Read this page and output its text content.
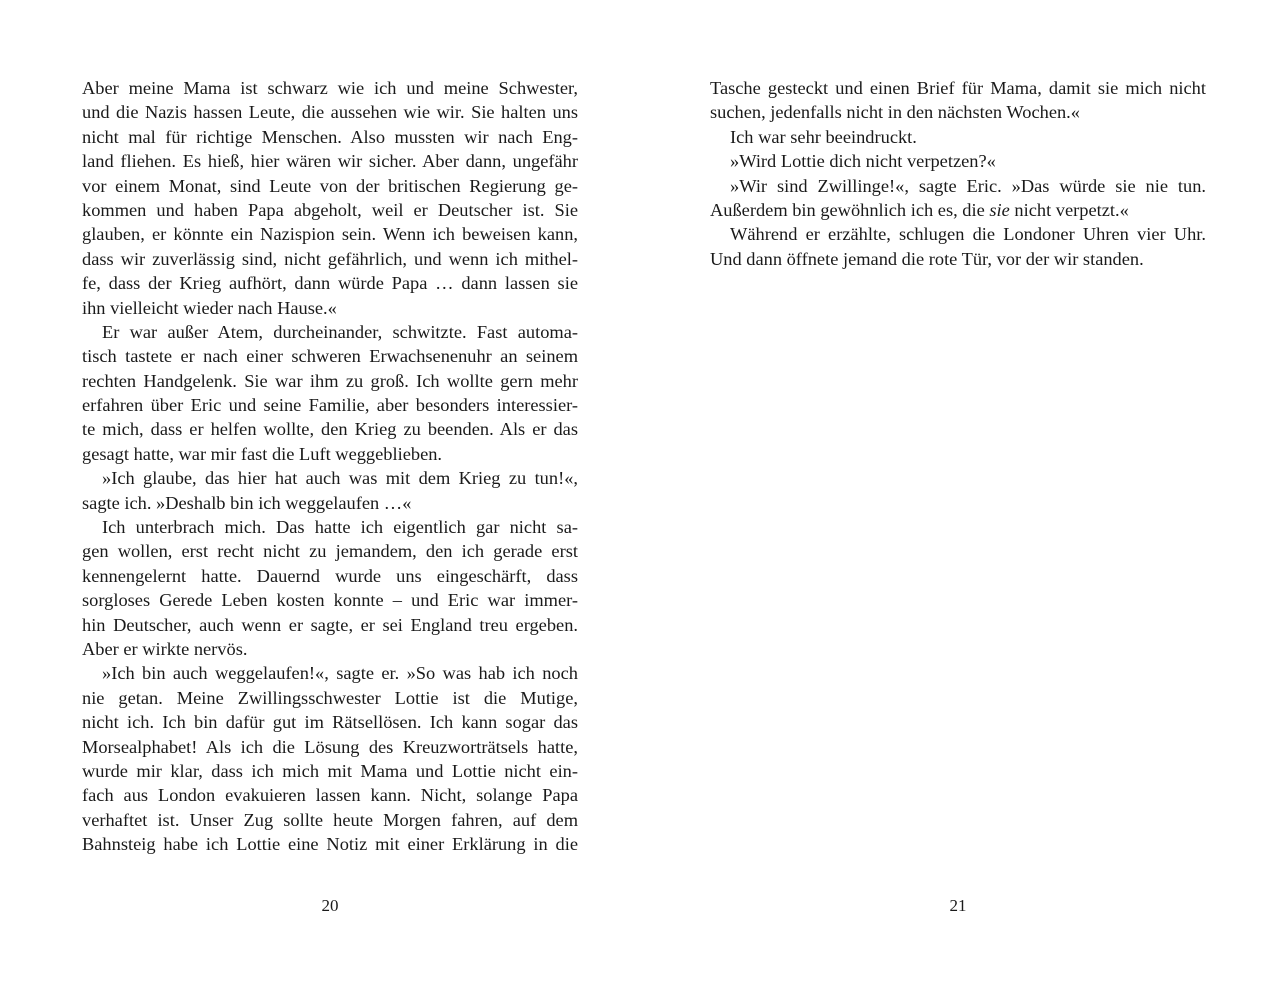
Aber meine Mama ist schwarz wie ich und meine Schwester,
und die Nazis hassen Leute, die aussehen wie wir. Sie halten uns
nicht mal für richtige Menschen. Also mussten wir nach Eng-
land fliehen. Es hieß, hier wären wir sicher. Aber dann, ungefähr
vor einem Monat, sind Leute von der britischen Regierung ge-
kommen und haben Papa abgeholt, weil er Deutscher ist. Sie
glauben, er könnte ein Nazispion sein. Wenn ich beweisen kann,
dass wir zuverlässig sind, nicht gefährlich, und wenn ich mithel-
fe, dass der Krieg aufhört, dann würde Papa … dann lassen sie
ihn vielleicht wieder nach Hause.«
Er war außer Atem, durcheinander, schwitzte. Fast automa-
tisch tastete er nach einer schweren Erwachsenenuhr an seinem
rechten Handgelenk. Sie war ihm zu groß. Ich wollte gern mehr
erfahren über Eric und seine Familie, aber besonders interessier-
te mich, dass er helfen wollte, den Krieg zu beenden. Als er das
gesagt hatte, war mir fast die Luft weggeblieben.
»Ich glaube, das hier hat auch was mit dem Krieg zu tun!«,
sagte ich. »Deshalb bin ich weggelaufen …«
Ich unterbrach mich. Das hatte ich eigentlich gar nicht sa-
gen wollen, erst recht nicht zu jemandem, den ich gerade erst
kennengelernt hatte. Dauernd wurde uns eingeschärft, dass
sorgloses Gerede Leben kosten konnte – und Eric war immer-
hin Deutscher, auch wenn er sagte, er sei England treu ergeben.
Aber er wirkte nervös.
»Ich bin auch weggelaufen!«, sagte er. »So was hab ich noch
nie getan. Meine Zwillingsschwester Lottie ist die Mutige,
nicht ich. Ich bin dafür gut im Rätsellösen. Ich kann sogar das
Morsealphabet! Als ich die Lösung des Kreuzworträtsels hatte,
wurde mir klar, dass ich mich mit Mama und Lottie nicht ein-
fach aus London evakuieren lassen kann. Nicht, solange Papa
verhaftet ist. Unser Zug sollte heute Morgen fahren, auf dem
Bahnsteig habe ich Lottie eine Notiz mit einer Erklärung in die
20
Tasche gesteckt und einen Brief für Mama, damit sie mich nicht
suchen, jedenfalls nicht in den nächsten Wochen.«
Ich war sehr beeindruckt.
»Wird Lottie dich nicht verpetzen?«
»Wir sind Zwillinge!«, sagte Eric. »Das würde sie nie tun.
Außerdem bin gewöhnlich ich es, die sie nicht verpetzt.«
Während er erzählte, schlugen die Londoner Uhren vier Uhr.
Und dann öffnete jemand die rote Tür, vor der wir standen.
21
